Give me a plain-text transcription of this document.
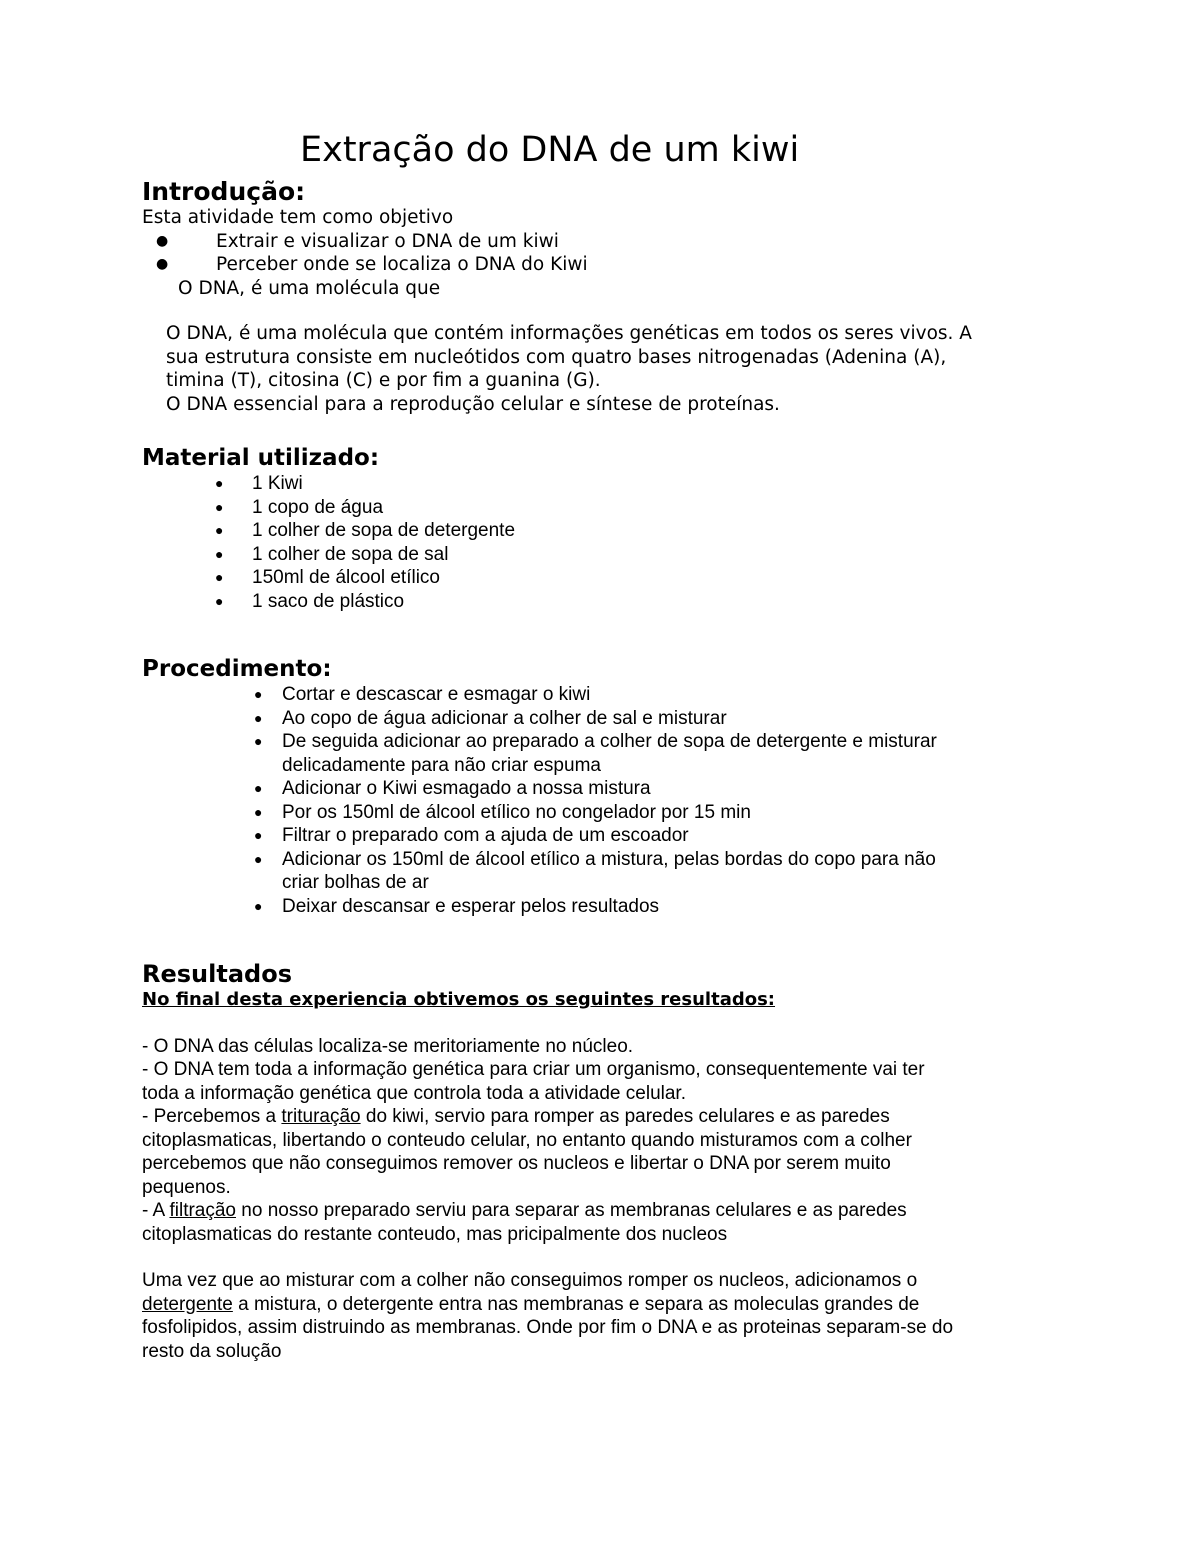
Extração do DNA de um kiwi
Introdução:
Esta atividade tem como objetivo
●	Extrair e visualizar o DNA de um kiwi
●	Perceber onde se localiza o DNA do Kiwi
O DNA, é uma molécula que
O DNA, é uma molécula que contém informações genéticas em todos os seres vivos. A
sua estrutura consiste em nucleótidos com quatro bases nitrogenadas (Adenina (A),
timina (T), citosina (C) e por fim a guanina (G).
O DNA essencial para a reprodução celular e síntese de proteínas.
Material utilizado:
● 1 Kiwi
● 1 copo de água
● 1 colher de sopa de detergente
● 1 colher de sopa de sal
● 150ml de álcool etílico
● 1 saco de plástico
Procedimento:
● Cortar e descascar e esmagar o kiwi
● Ao copo de água adicionar a colher de sal e misturar
● De seguida adicionar ao preparado a colher de sopa de detergente e misturar
delicadamente para não criar espuma
● Adicionar o Kiwi esmagado a nossa mistura
● Por os 150ml de álcool etílico no congelador por 15 min
● Filtrar o preparado com a ajuda de um escoador
● Adicionar os 150ml de álcool etílico a mistura, pelas bordas do copo para não
criar bolhas de ar
● Deixar descansar e esperar pelos resultados
Resultados
No final desta experiencia obtivemos os seguintes resultados:
- O DNA das células localiza-se meritoriamente no núcleo.
- O DNA tem toda a informação genética para criar um organismo, consequentemente vai ter
toda a informação genética que controla toda a atividade celular.
- Percebemos a trituração do kiwi, servio para romper as paredes celulares e as paredes
citoplasmaticas, libertando o conteudo celular, no entanto quando misturamos com a colher
percebemos que não conseguimos remover os nucleos e libertar o DNA por serem muito
pequenos.
- A filtração no nosso preparado serviu para separar as membranas celulares e as paredes
citoplasmaticas do restante conteudo, mas pricipalmente dos nucleos
Uma vez que ao misturar com a colher não conseguimos romper os nucleos, adicionamos o
detergente a mistura, o detergente entra nas membranas e separa as moleculas grandes de
fosfolipidos, assim distruindo as membranas. Onde por fim o DNA e as proteinas separam-se do
resto da solução
